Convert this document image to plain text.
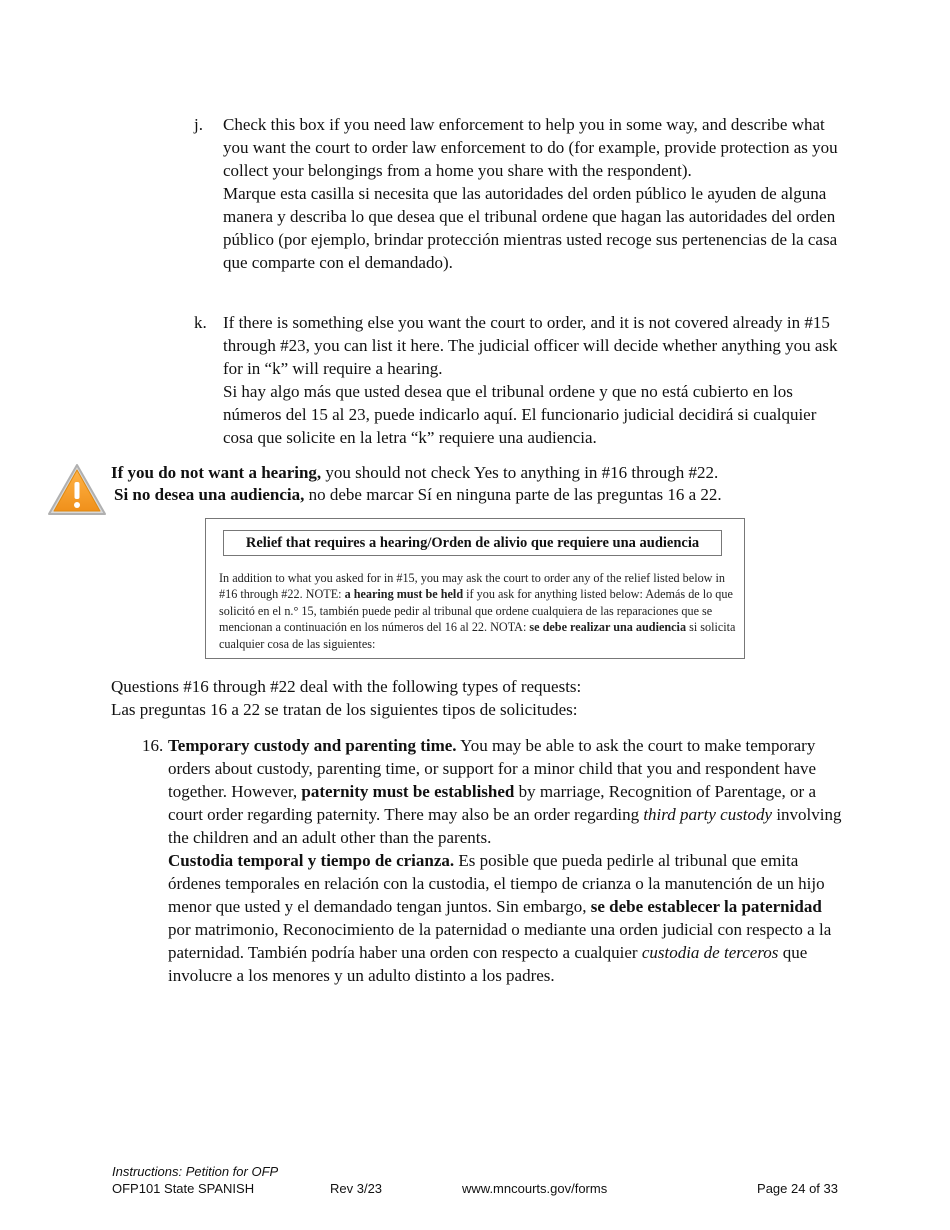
j. Check this box if you need law enforcement to help you in some way, and describe what you want the court to order law enforcement to do (for example, provide protection as you collect your belongings from a home you share with the respondent).

Marque esta casilla si necesita que las autoridades del orden público le ayuden de alguna manera y describa lo que desea que el tribunal ordene que hagan las autoridades del orden público (por ejemplo, brindar protección mientras usted recoge sus pertenencias de la casa que comparte con el demandado).

k. If there is something else you want the court to order, and it is not covered already in #15 through #23, you can list it here. The judicial officer will decide whether anything you ask for in “k” will require a hearing.

Si hay algo más que usted desea que el tribunal ordene y que no está cubierto en los números del 15 al 23, puede indicarlo aquí. El funcionario judicial decidirá si cualquier cosa que solicite en la letra “k” requiere una audiencia.

If you do not want a hearing, you should not check Yes to anything in #16 through #22.
Si no desea una audiencia, no debe marcar Sí en ninguna parte de las preguntas 16 a 22.
Relief that requires a hearing/Orden de alivio que requiere una audiencia
In addition to what you asked for in #15, you may ask the court to order any of the relief listed below in #16 through #22. NOTE: a hearing must be held if you ask for anything listed below: Además de lo que solicitó en el n.° 15, también puede pedir al tribunal que ordene cualquiera de las reparaciones que se mencionan a continuación en los números del 16 al 22. NOTA: se debe realizar una audiencia si solicita cualquier cosa de las siguientes:
Questions #16 through #22 deal with the following types of requests:
Las preguntas 16 a 22 se tratan de los siguientes tipos de solicitudes:
16. Temporary custody and parenting time. You may be able to ask the court to make temporary orders about custody, parenting time, or support for a minor child that you and respondent have together. However, paternity must be established by marriage, Recognition of Parentage, or a court order regarding paternity. There may also be an order regarding third party custody involving the children and an adult other than the parents.

Custodia temporal y tiempo de crianza. Es posible que pueda pedirle al tribunal que emita órdenes temporales en relación con la custodia, el tiempo de crianza o la manutención de un hijo menor que usted y el demandado tengan juntos. Sin embargo, se debe establecer la paternidad por matrimonio, Reconocimiento de la paternidad o mediante una orden judicial con respecto a la paternidad. También podría haber una orden con respecto a cualquier custodia de terceros que involucre a los menores y un adulto distinto a los padres.

Instructions: Petition for OFP
OFP101 State SPANISH	Rev 3/23	www.mncourts.gov/forms	Page 24 of 33
